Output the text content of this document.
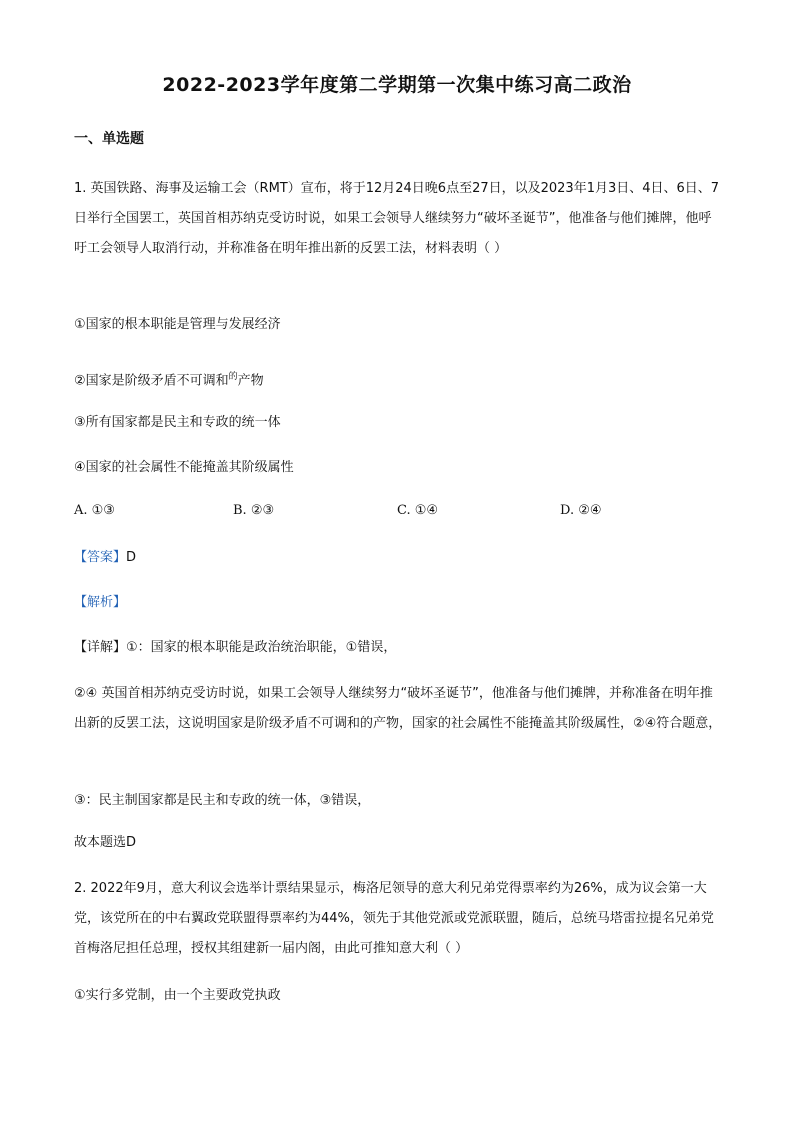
2022-2023学年度第二学期第一次集中练习高二政治
一、单选题
1. 英国铁路、海事及运输工会（RMT）宣布，将于12月24日晚6点至27日，以及2023年1月3日、4日、6日、7日举行全国罢工，英国首相苏纳克受访时说，如果工会领导人继续努力“破坏圣诞节”，他准备与他们摊牌，他呼吁工会领导人取消行动，并称准备在明年推出新的反罢工法，材料表明（ ）
①国家的根本职能是管理与发展经济
②国家是阶级矛盾不可调和$^的$产物
③所有国家都是民主和专政的统一体
④国家的社会属性不能掩盖其阶级属性
A. ①③	B. ②③	C. ①④	D. ②④
【答案】D
【解析】
【详解】①：国家的根本职能是政治统治职能，①错误，
②④ 英国首相苏纳克受访时说，如果工会领导人继续努力“破坏圣诞节”，他准备与他们摊牌，并称准备在明年推出新的反罢工法，这说明国家是阶级矛盾不可调和的产物，国家的社会属性不能掩盖其阶级属性，②④符合题意，
③：民主制国家都是民主和专政的统一体，③错误，
故本题选D
2. 2022年9月，意大利议会选举计票结果显示，梅洛尼领导的意大利兄弟党得票率约为26%，成为议会第一大党，该党所在的中右翼政党联盟得票率约为44%，领先于其他党派或党派联盟，随后，总统马塔雷拉提名兄弟党首梅洛尼担任总理，授权其组建新一届内阁，由此可推知意大利（ ）
①实行多党制，由一个主要政党执政
